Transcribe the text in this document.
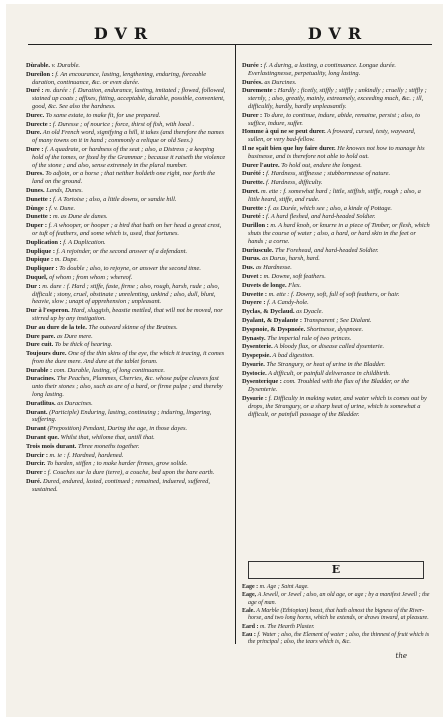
DVR	DVR

Dùrable. v. Durable.

Dureílon : f. An encourance, lasting, lengthening, enduring, forceable duration, continuance, &c. or even durée.

Duré : m. durée : f. Duration, endurance, lasting, imitated ; flowed, followed, stained up coats ; affixes, fitting, acceptable, durable, possible, convenient, good, &c. See also the hardness.

Durec. To same estate, to make fit, for use prepared.

Durecte : f. Duresse ; of nourice ; force, thirst of fish, with loeal .

Dure. An old French word, signifying a hill, it takes (and therefore the names of many towns on it in hand ; commonly a relique or old Sees.)

Dure : f. A quadrate, or hardness of the seat ; also, a Distress ; a keeping hold of the tomes, or fixed by the Grammar ; because it raiseth the violence of the stone ; and also, sense extremely in the plural number.

Dures. To adjoin, or a horse ; that neither holdeth one right, nor forth the land on the ground.

Dunes. Lands, Dunes.

Dunette : f. A Tortoise ; also, a little downs, or sandie hill.

Dùnge : f. v. Dune.

Dunette : m. as Dune de dunes.

Duper : f. A whooper, or hooper ; a bird that hath on her head a great crest, or tuft of feathers, and some which is, used, that fortunes.

Duplication : f. A Duplication.

Duplique : f. A rejoinder, or the second answer of a defendant.

Dupique : m. Dupe.

Dupliquer : To double ; also, to rejoyne, or answer the second time.

Duquel, of whom ; from whom ; whereof.

Dur : m. dure : f. Hard ; stiffe, faste, firme ; also, rough, harsh, rude ; also, difficult ; stony, cruel, obstinate ; unrelenting, unkind ; also, dull, blunt, heavie, slow ; unapt of apprehension ; unpleasant.

Dur à l'esperon. Hard, sluggish, beastie mettled, that will not be moved, nor stirred up by any instigation.

Dur au dure de la tele. The outward skinne of the Braines.

Dure pare. as Dure mere.

Dure cuit. To be thick of hearing.

Toujours dure. One of the thin skins of the eye, the which it tracing, it comes from the dure mere. And dure at the tablet forum.

Durable : com. Durable, lasting, of long continuance.

Duracines. The Peaches, Plummes, Cherries, &c. whose pulpe cleaves fast unto their stones ; also, such as are of a hard, or firme pulpe ; and thereby long lasting.

Duratlitus. as Duracines.

Durant. (Participle) Enduring, lasting, continuing ; induring, lingering, suffering.

Durant (Preposition) Pendant, During the age, in those dayes.

Durant que. Whilst that, whilome that, untill that.

Trois mois durant. Three moneths together.

Durcir : m. ie : f. Hardned, hardened.

Durcir. To harden, stiffen ; to make harder firmes, grow solide.

Durer : f. Couches sur la dure (terre), a couche, bed upon the bare earth.

Duré. Dured, endured, lasted, continued ; remained, induered, suffered, sustained.

Durée : f. A during, a lasting, a continuance. Longue durée. Everlastingnesse, perpetuality, long lasting.

Durées. as Durcines.

Duremente : Hardly ; ficetly, stiffly ; stiffly ; unkindly ; cruelly ; stiffly ; sternly, ; also, greatly, mainly, extreamely, exceeding much, &c. ; ill, difficultly, hardly, hardly unpleasantly.

Durer : To dure, to continue, indure, abide, remaine, persist ; also, to suffice, indure, suffer.

Homme à qui ne se peut durer. A froward, cursed, testy, wayward, sullen, or very bad-fellow.

Il ne sçait bien que luy faire durer. He knowes not how to manage his businesse, and is therefore not able to hold out.

Durer l'autre. To hold out, endure the longest.

Durété : f. Hardness, stiffnesse ; stubbornnesse of nature.

Durette. f. Hardness, difficulty.

Duret. m. ette : f. somewhat hard ; little, stiffish, stiffe, rough ; also, a little heard, stiffe, and rude.

Durette : f. as Durée, which see ; also, a kinde of Pottage.

Dureté : f. A hard fleshed, and hard-headed Soldier.

Durillon : m. A hard knob, or knurre in a piece of Timber, or flesh, which shuts the course of water ; also, a hard, or hard skin in the feet or hands ; a corne.

Duriuscule. The Forehead, and hard-headed Soldier.

Durus. as Durus, harsh, hard.

Dus. as Hardnesse.

Duvet : m. Downe, soft feathers.

Duvets de longe. Flex.

Duvette : m. ette : f. Downy, soft, full of soft feathers, or hair.

Duyere : f. A Candy-hole.

Dyclas, & Dyclaud. as Dyacle.

Dyalant, & Dyalante : Transparent ; See Dialant.

Dyspnoie, & Dyspnoée. Shortnesse, dyspnoee.

Dynasty. The imperial rule of two princes.

Dysenterie. A bloody flux, or disease called dysenterie.

Dyspepsie. A bad digestion.

Dysurie. The Strangury, or heat of urine in the Bladder.

Dystocie. A difficult, or painfull deliverance in childbirth.

Dysenterique : com. Troubled with the flux of the Bladder, or the Dysenterie.

Dysurie : f. Difficulty in making water, and water which is comes out by drops, the Strangury, or a sharp heat of urine, which is somewhat a difficult, or painfull passage of the Bladder.

E

Eage : m. Age ; Saint Aage.

Eage, A Jewell, or Jewel ; also, an old age, or age ; by a manifest Jewell ; the age of man.

Eale. A Marble (Ethiopian) beast, that hath almost the bigness of the River-horse, and two long horns, which he extends, or draws inward, at pleasure.

Eard : m. The Hearth Plaster.

Eau : f. Water ; also, the Element of water ; also, the thinnest of fruit which is the principal ; also, the tears which is, &c.

the
